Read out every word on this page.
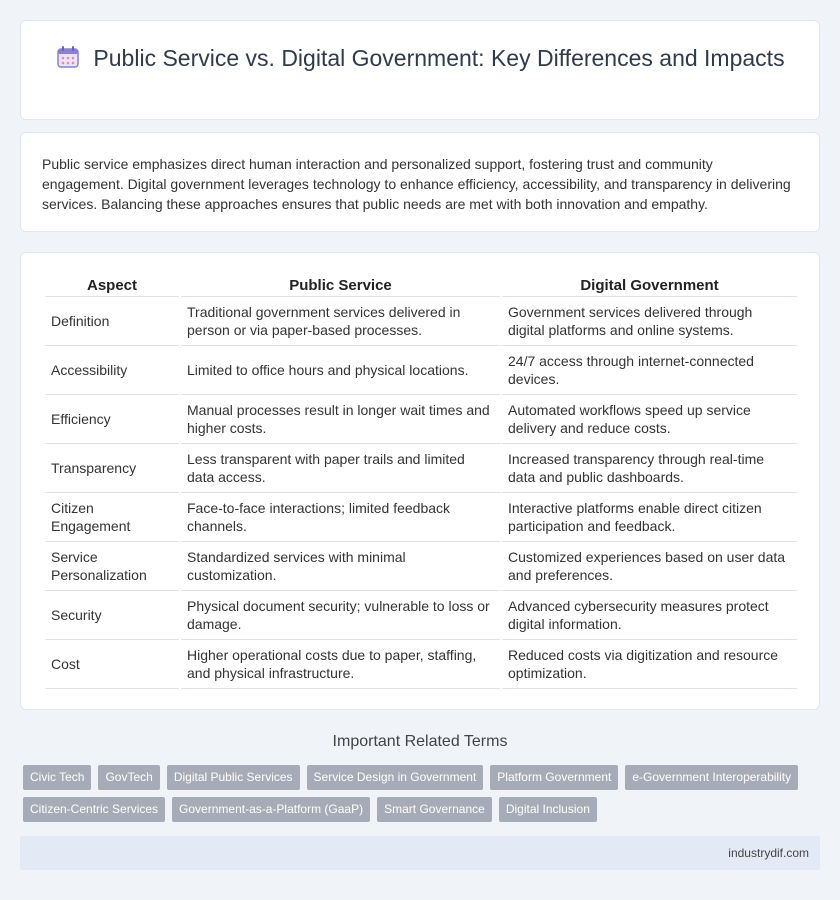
Public Service vs. Digital Government: Key Differences and Impacts

Public service emphasizes direct human interaction and personalized support, fostering trust and community engagement. Digital government leverages technology to enhance efficiency, accessibility, and transparency in delivering services. Balancing these approaches ensures that public needs are met with both innovation and empathy.

Aspect	Public Service	Digital Government
Definition	Traditional government services delivered in person or via paper-based processes.	Government services delivered through digital platforms and online systems.
Accessibility	Limited to office hours and physical locations.	24/7 access through internet-connected devices.
Efficiency	Manual processes result in longer wait times and higher costs.	Automated workflows speed up service delivery and reduce costs.
Transparency	Less transparent with paper trails and limited data access.	Increased transparency through real-time data and public dashboards.
Citizen Engagement	Face-to-face interactions; limited feedback channels.	Interactive platforms enable direct citizen participation and feedback.
Service Personalization	Standardized services with minimal customization.	Customized experiences based on user data and preferences.
Security	Physical document security; vulnerable to loss or damage.	Advanced cybersecurity measures protect digital information.
Cost	Higher operational costs due to paper, staffing, and physical infrastructure.	Reduced costs via digitization and resource optimization.
Important Related Terms
Civic Tech	GovTech	Digital Public Services	Service Design in Government	Platform Government	e-Government Interoperability
Citizen-Centric Services	Government-as-a-Platform (GaaP)	Smart Governance	Digital Inclusion
industrydif.com
